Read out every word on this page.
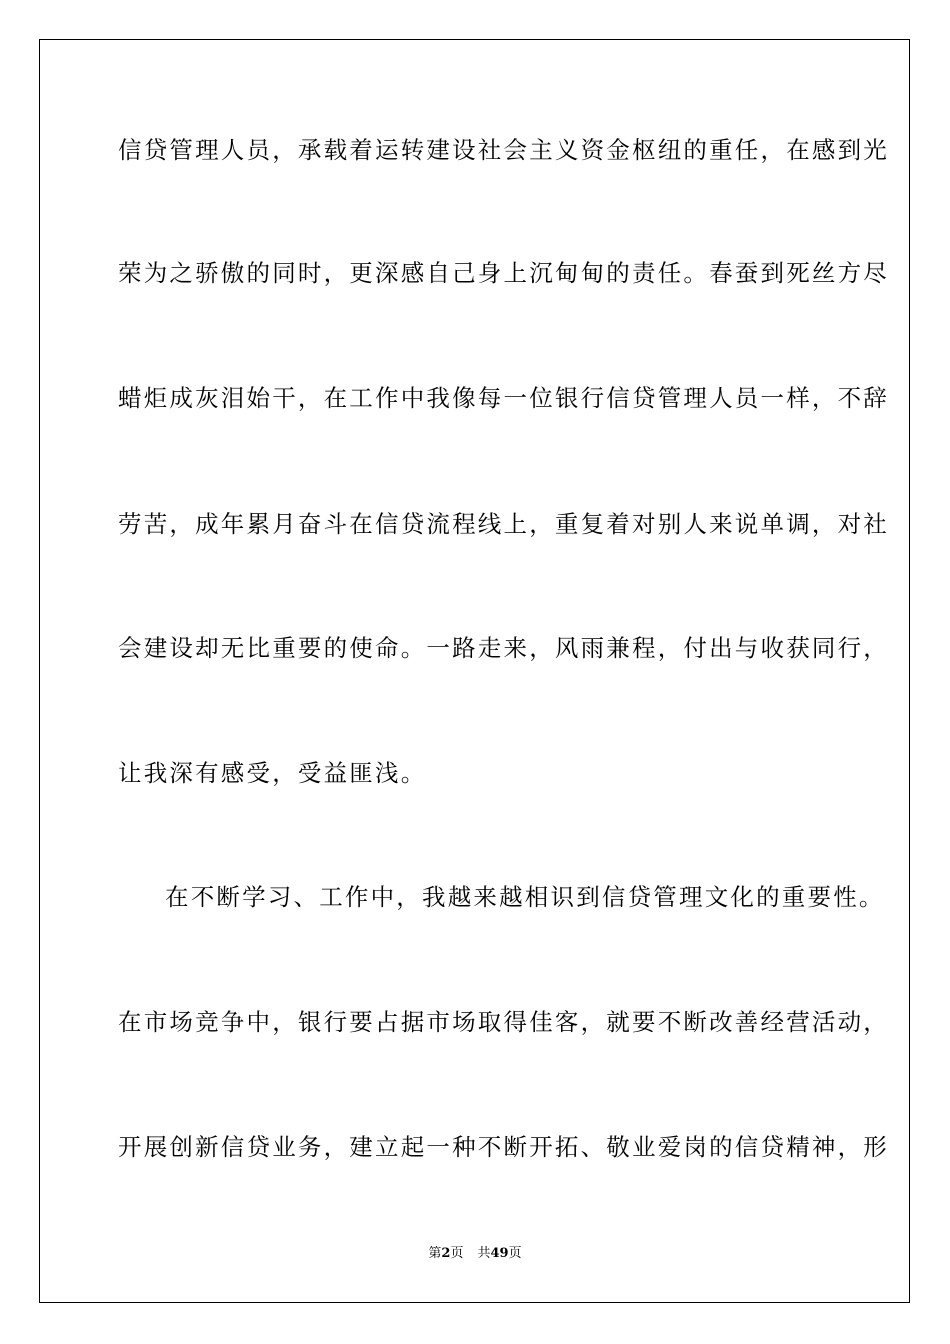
信贷管理人员，承载着运转建设社会主义资金枢纽的重任，在感到光
荣为之骄傲的同时，更深感自己身上沉甸甸的责任。春蚕到死丝方尽
蜡炬成灰泪始干，在工作中我像每一位银行信贷管理人员一样，不辞
劳苦，成年累月奋斗在信贷流程线上，重复着对别人来说单调，对社
会建设却无比重要的使命。一路走来，风雨兼程，付出与收获同行，
让我深有感受，受益匪浅。
在不断学习、工作中，我越来越相识到信贷管理文化的重要性。
在市场竞争中，银行要占据市场取得佳客，就要不断改善经营活动，
开展创新信贷业务，建立起一种不断开拓、敬业爱岗的信贷精神，形
第2页 共49页
